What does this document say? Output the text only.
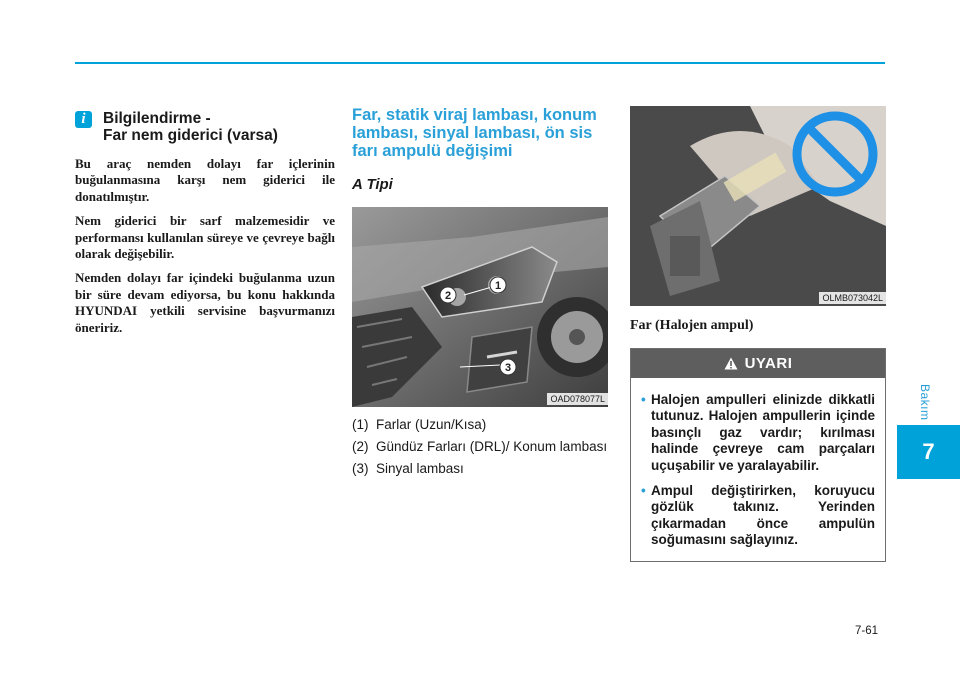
i	Bilgilendirme -
Far nem giderici (varsa)

Bu araç nemden dolayı far içlerinin buğulanmasına karşı nem giderici ile donatılmıştır.

Nem giderici bir sarf malzemesidir ve performansı kullanılan süreye ve çevreye bağlı olarak değişebilir.

Nemden dolayı far içindeki buğulanma uzun bir süre devam ediyorsa, bu konu hakkında HYUNDAI yetkili servisine başvurmanızı öneririz.

Far, statik viraj lambası, konum
lambası, sinyal lambası, ön sis
farı ampulü değişimi
A Tipi
1
2
3
OAD078077L
(1) Farlar (Uzun/Kısa)
(2) Gündüz Farları (DRL)/ Konum lambası
(3) Sinyal lambası
OLMB073042L
Far (Halojen ampul)
UYARI
• Halojen ampulleri elinizde dikkatli tutunuz. Halojen ampullerin içinde basınçlı gaz vardır; kırılması halinde çevreye cam parçaları uçuşabilir ve yaralayabilir.
• Ampul değiştirirken, koruyucu gözlük takınız. Yerinden çıkarmadan önce ampulün soğumasını sağlayınız.
Bakım
7
7-61
